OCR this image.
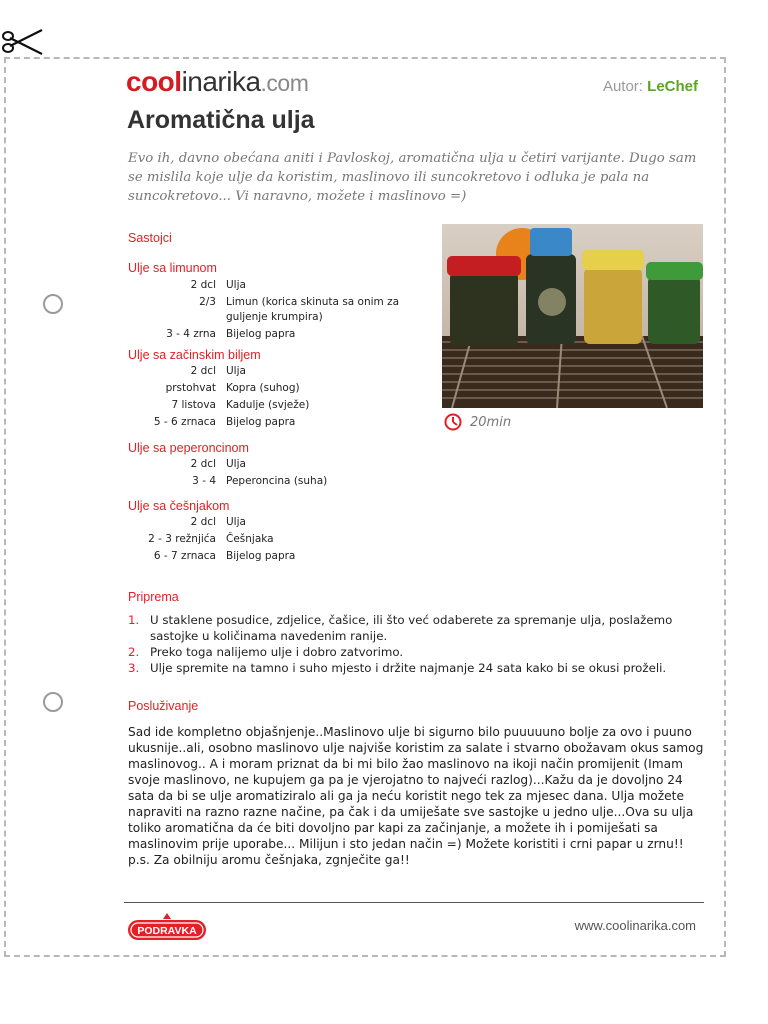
coolinarika.com	Autor: LeChef
Aromatična ulja
Evo ih, davno obećana aniti i Pavloskoj, aromatična ulja u četiri varijante. Dugo sam se mislila koje ulje da koristim, maslinovo ili suncokretovo i odluka je pala na suncokretovo... Vi naravno, možete i maslinovo =)
Sastojci
Ulje sa limunom
2 dcl Ulja
2/3 Limun (korica skinuta sa onim za guljenje krumpira)
3 - 4 zrna Bijelog papra
Ulje sa začinskim biljem
2 dcl Ulja
prstohvat Kopra (suhog)
7 listova Kadulje (svježe)
5 - 6 zrnaca Bijelog papra
Ulje sa peperoncinom
2 dcl Ulja
3 - 4 Peperoncina (suha)
Ulje sa češnjakom
2 dcl Ulja
2 - 3 režnjića Češnjaka
6 - 7 zrnaca Bijelog papra
20min
Priprema
1. U staklene posudice, zdjelice, čašice, ili što već odaberete za spremanje ulja, poslažemo sastojke u količinama navedenim ranije.
2. Preko toga nalijemo ulje i dobro zatvorimo.
3. Ulje spremite na tamno i suho mjesto i držite najmanje 24 sata kako bi se okusi proželi.
Posluživanje

Sad ide kompletno objašnjenje..Maslinovo ulje bi sigurno bilo puuuuuno bolje za ovo i puuno ukusnije..ali, osobno maslinovo ulje najviše koristim za salate i stvarno obožavam okus samog maslinovog.. A i moram priznat da bi mi bilo žao maslinovo na ikoji način promijenit (Imam svoje maslinovo, ne kupujem ga pa je vjerojatno to najveći razlog)...Kažu da je dovoljno 24 sata da bi se ulje aromatiziralo ali ga ja neću koristit nego tek za mjesec dana. Ulja možete napraviti na razno razne načine, pa čak i da umiješate sve sastojke u jedno ulje...Ova su ulja toliko aromatična da će biti dovoljno par kapi za začinjanje, a možete ih i pomiješati sa maslinovim prije uporabe... Milijun i sto jedan način =) Možete koristiti i crni papar u zrnu!!

p.s. Za obilniju aromu češnjaka, zgnječite ga!!

PODRAVKA	www.coolinarika.com
